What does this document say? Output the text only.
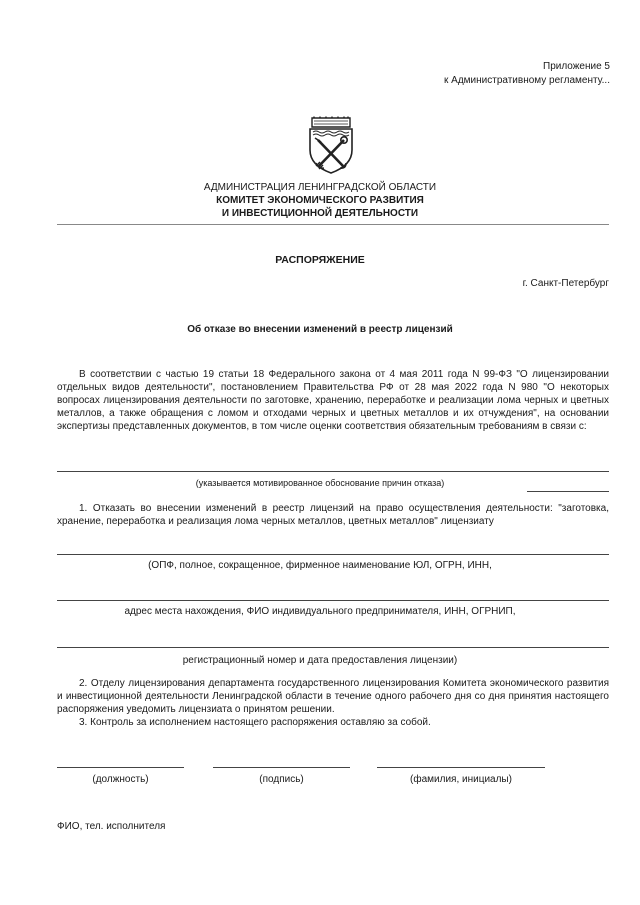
Приложение 5
к Административному регламенту...
АДМИНИСТРАЦИЯ ЛЕНИНГРАДСКОЙ ОБЛАСТИ
КОМИТЕТ ЭКОНОМИЧЕСКОГО РАЗВИТИЯ
И ИНВЕСТИЦИОННОЙ ДЕЯТЕЛЬНОСТИ
РАСПОРЯЖЕНИЕ
г. Санкт-Петербург
Об отказе во внесении изменений в реестр лицензий
В соответствии с частью 19 статьи 18 Федерального закона от 4 мая 2011 года N 99-ФЗ "О лицензировании отдельных видов деятельности", постановлением Правительства РФ от 28 мая 2022 года N 980 "О некоторых вопросах лицензирования деятельности по заготовке, хранению, переработке и реализации лома черных и цветных металлов, а также обращения с ломом и отходами черных и цветных металлов и их отчуждения", на основании экспертизы представленных документов, в том числе оценки соответствия обязательным требованиям в связи с:
(указывается мотивированное обоснование причин отказа)
1. Отказать во внесении изменений в реестр лицензий на право осуществления деятельности: "заготовка, хранение, переработка и реализация лома черных металлов, цветных металлов" лицензиату
(ОПФ, полное, сокращенное, фирменное наименование ЮЛ, ОГРН, ИНН,
адрес места нахождения, ФИО индивидуального предпринимателя, ИНН, ОГРНИП,
регистрационный номер и дата предоставления лицензии)
2. Отделу лицензирования департамента государственного лицензирования Комитета экономического развития и инвестиционной деятельности Ленинградской области в течение одного рабочего дня со дня принятия настоящего распоряжения уведомить лицензиата о принятом решении.
3. Контроль за исполнением настоящего распоряжения оставляю за собой.
(должность)	(подпись)	(фамилия, инициалы)
ФИО, тел. исполнителя
